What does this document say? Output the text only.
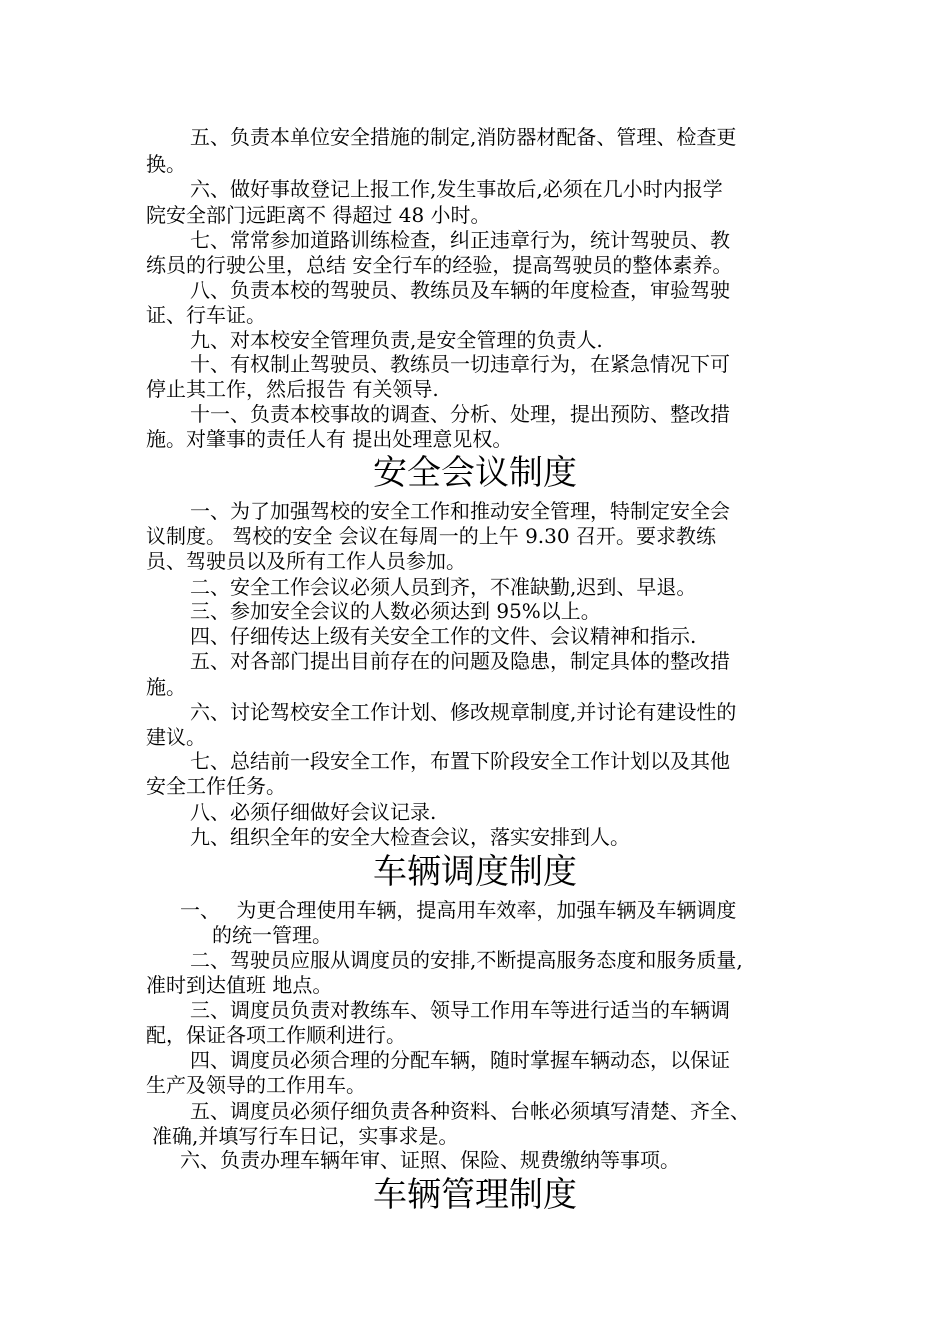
五、负责本单位安全措施的制定,消防器材配备、管理、检查更

换。

六、做好事故登记上报工作,发生事故后,必须在几小时内报学

院安全部门远距离不 得超过 48 小时。

七、常常参加道路训练检查，纠正违章行为，统计驾驶员、教

练员的行驶公里，总结 安全行车的经验，提高驾驶员的整体素养。

八、负责本校的驾驶员、教练员及车辆的年度检查，审验驾驶

证、行车证。

九、对本校安全管理负责,是安全管理的负责人.

十、有权制止驾驶员、教练员一切违章行为，在紧急情况下可

停止其工作，然后报告 有关领导.

十一、负责本校事故的调查、分析、处理，提出预防、整改措

施。对肇事的责任人有 提出处理意见权。

安全会议制度

一、为了加强驾校的安全工作和推动安全管理，特制定安全会

议制度。 驾校的安全 会议在每周一的上午 9.30 召开。要求教练

员、驾驶员以及所有工作人员参加。

二、安全工作会议必须人员到齐，不准缺勤,迟到、早退。

三、参加安全会议的人数必须达到 95%以上。

四、仔细传达上级有关安全工作的文件、会议精神和指示.

五、对各部门提出目前存在的问题及隐患，制定具体的整改措

施。

六、讨论驾校安全工作计划、修改规章制度,并讨论有建设性的

建议。

七、总结前一段安全工作，布置下阶段安全工作计划以及其他

安全工作任务。

八、必须仔细做好会议记录.

九、组织全年的安全大检查会议，落实安排到人。

车辆调度制度

一、　 为更合理使用车辆，提高用车效率，加强车辆及车辆调度

的统一管理。

二、驾驶员应服从调度员的安排,不断提高服务态度和服务质量,

准时到达值班 地点。

三、调度员负责对教练车、领导工作用车等进行适当的车辆调

配，保证各项工作顺利进行。

四、调度员必须合理的分配车辆，随时掌握车辆动态，以保证

生产及领导的工作用车。

五、调度员必须仔细负责各种资料、台帐必须填写清楚、齐全、

准确,并填写行车日记，实事求是。

六、负责办理车辆年审、证照、保险、规费缴纳等事项。

车辆管理制度
